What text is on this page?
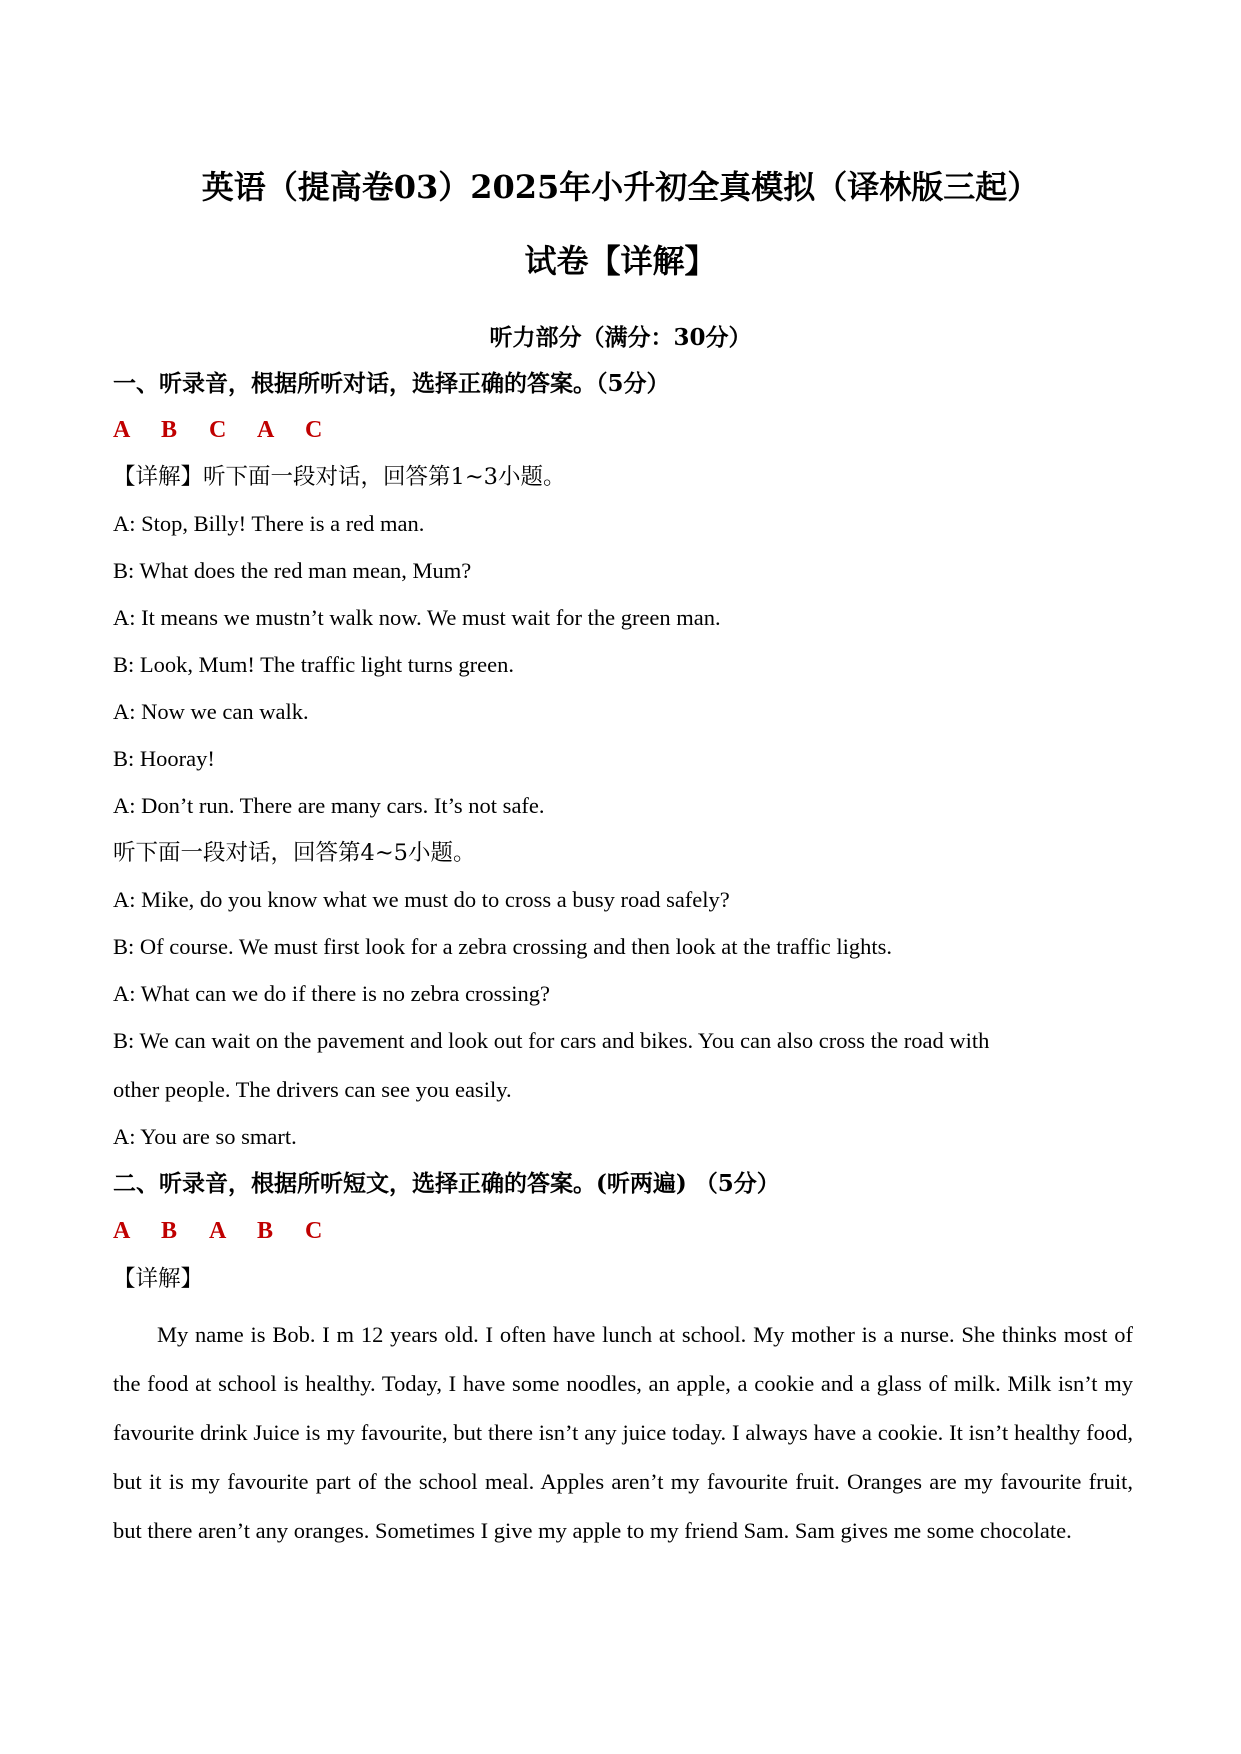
英语（提高卷03）2025年小升初全真模拟（译林版三起）
试卷【详解】
听力部分（满分：30分）
一、听录音，根据所听对话，选择正确的答案。（5分）
A	B	C	A	C
【详解】听下面一段对话，回答第1~3小题。
A: Stop, Billy! There is a red man.
B: What does the red man mean, Mum?
A: It means we mustn’t walk now. We must wait for the green man.
B: Look, Mum! The traffic light turns green.
A: Now we can walk.
B: Hooray!
A: Don’t run. There are many cars. It’s not safe.
听下面一段对话，回答第4~5小题。
A: Mike, do you know what we must do to cross a busy road safely?
B: Of course. We must first look for a zebra crossing and then look at the traffic lights.
A: What can we do if there is no zebra crossing?
B: We can wait on the pavement and look out for cars and bikes. You can also cross the road with
other people. The drivers can see you easily.
A: You are so smart.
二、听录音，根据所听短文，选择正确的答案。(听两遍) （5分）
A	B	A	B	C
【详解】
My name is Bob. I m 12 years old. I often have lunch at school. My mother is a nurse. She thinks most of the food at school is healthy. Today, I have some noodles, an apple, a cookie and a glass of milk. Milk isn’t my favourite drink Juice is my favourite, but there isn’t any juice today. I always have a cookie. It isn’t healthy food, but it is my favourite part of the school meal. Apples aren’t my favourite fruit. Oranges are my favourite fruit, but there aren’t any oranges. Sometimes I give my apple to my friend Sam. Sam gives me some chocolate.
